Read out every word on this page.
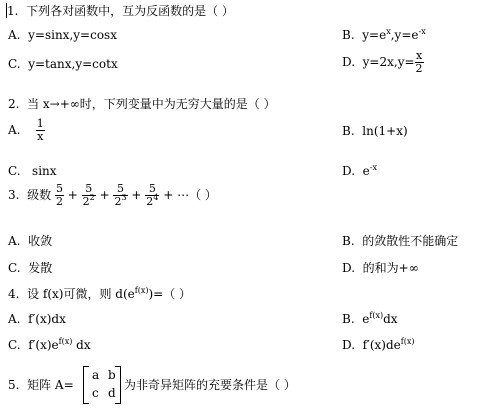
1. 下列各对函数中，互为反函数的是（ ）
A. y=sinx,y=cosx	B. $y=e^x,y=e^{-x}$
C. y=tanx,y=cotx	D. $y=2x,y= \frac{x}{2}$
2. 当 x→+∞时，下列变量中为无穷大量的是（ ）
A. $\frac{1}{x}$	B. ln(1+x)
C. sinx	D. $e^{-x}$
3. 级数 $\frac{5}{2} + \frac{5}{2^2} + \frac{5}{2^3} + \frac{5}{2^4}$ + ⋯（ ）
A. 收敛	B. 的敛散性不能确定
C. 发散	D. 的和为+∞
4. 设 f(x)可微，则 $d(e^{f(x)})=$（ ）
A. f′(x)dx	B. $e^{f(x)}dx$
C. $f'(x)e^{f(x)}$ dx	D. $f'(x)de^{f(x)}$
5. 矩阵 A=
a b
c d
为非奇异矩阵的充要条件是（ ）
